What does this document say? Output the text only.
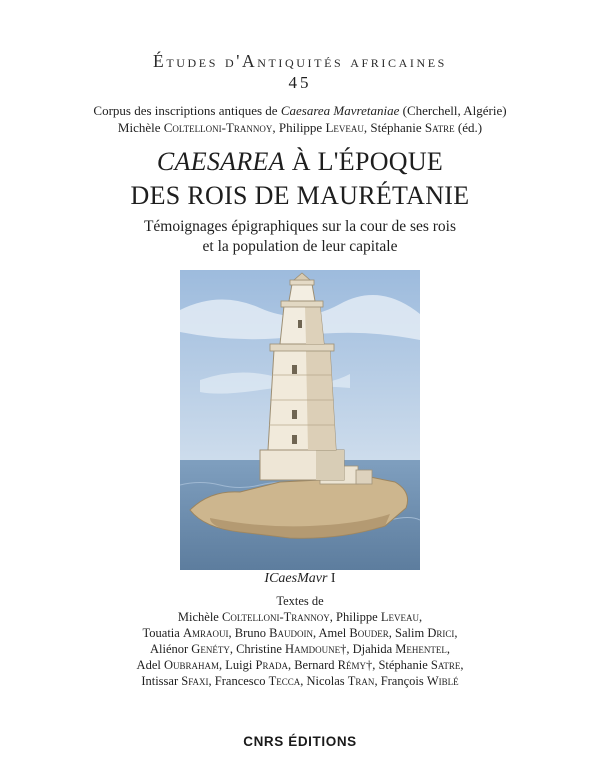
Études d'Antiquités africaines
45
Corpus des inscriptions antiques de Caesarea Mavretaniae (Cherchell, Algérie)
Michèle Coltelloni-Trannoy, Philippe Leveau, Stéphanie Satre (éd.)
CAESAREA À L'ÉPOQUE
DES ROIS DE MAURÉTANIE
Témoignages épigraphiques sur la cour de ses rois
et la population de leur capitale
ICaesMavr I
Textes de
Michèle Coltelloni-Trannoy, Philippe Leveau,
Touatia Amraoui, Bruno Baudoin, Amel Bouder, Salim Drici,
Aliénor Genéty, Christine Hamdoune†, Djahida Mehentel,
Adel Oubraham, Luigi Prada, Bernard Rémy†, Stéphanie Satre,
Intissar Sfaxi, Francesco Tecca, Nicolas Tran, François Wiblé
CNRS ÉDITIONS
